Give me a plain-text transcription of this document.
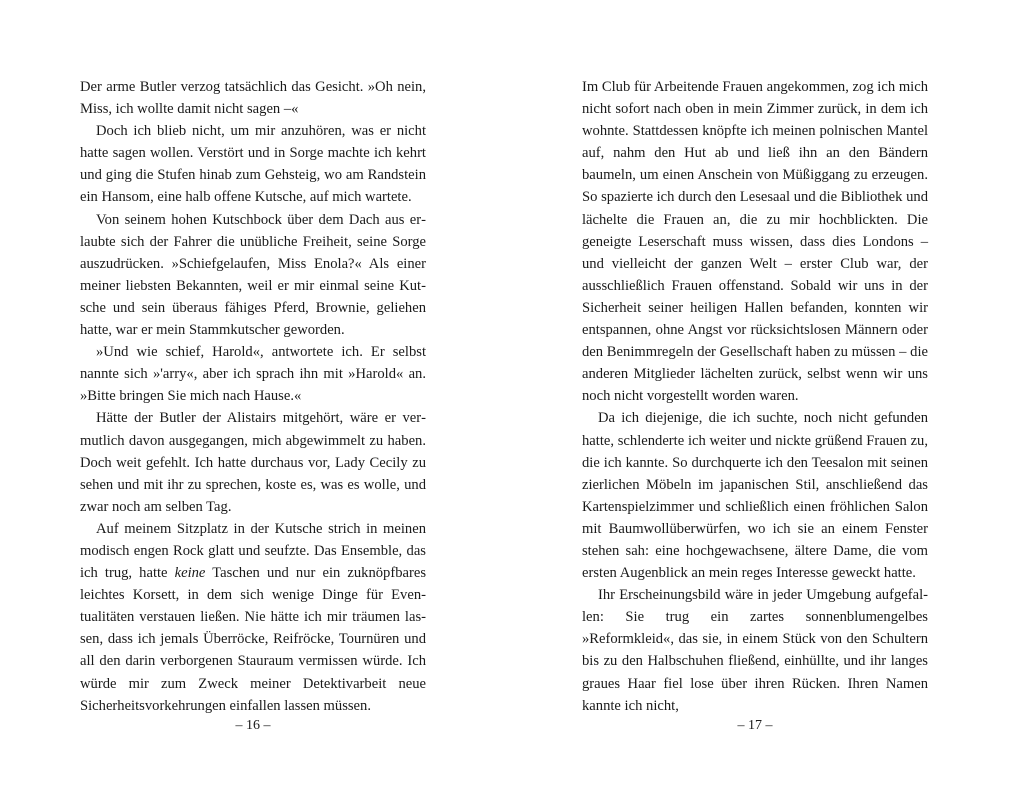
Der arme Butler verzog tatsächlich das Gesicht. »Oh nein, Miss, ich wollte damit nicht sagen –«

Doch ich blieb nicht, um mir anzuhören, was er nicht hatte sagen wollen. Verstört und in Sorge machte ich kehrt und ging die Stufen hinab zum Gehsteig, wo am Randstein ein Hansom, eine halb offene Kutsche, auf mich wartete.

Von seinem hohen Kutschbock über dem Dach aus erlaubte sich der Fahrer die unübliche Freiheit, seine Sorge auszudrücken. »Schiefgelaufen, Miss Enola?« Als einer meiner liebsten Bekannten, weil er mir einmal seine Kutsche und sein überaus fähiges Pferd, Brownie, geliehen hatte, war er mein Stammkutscher geworden.

»Und wie schief, Harold«, antwortete ich. Er selbst nannte sich »'arry«, aber ich sprach ihn mit »Harold« an. »Bitte bringen Sie mich nach Hause.«

Hätte der Butler der Alistairs mitgehört, wäre er vermutlich davon ausgegangen, mich abgewimmelt zu haben. Doch weit gefehlt. Ich hatte durchaus vor, Lady Cecily zu sehen und mit ihr zu sprechen, koste es, was es wolle, und zwar noch am selben Tag.

Auf meinem Sitzplatz in der Kutsche strich in meinen modisch engen Rock glatt und seufzte. Das Ensemble, das ich trug, hatte keine Taschen und nur ein zuknöpfbares leichtes Korsett, in dem sich wenige Dinge für Eventualitäten verstauen ließen. Nie hätte ich mir träumen lassen, dass ich jemals Überröcke, Reifröcke, Tournüren und all den darin verborgenen Stauraum vermissen würde. Ich würde mir zum Zweck meiner Detektivarbeit neue Sicherheitsvorkehrungen einfallen lassen müssen.

– 16 –

Im Club für Arbeitende Frauen angekommen, zog ich mich nicht sofort nach oben in mein Zimmer zurück, in dem ich wohnte. Stattdessen knöpfte ich meinen polnischen Mantel auf, nahm den Hut ab und ließ ihn an den Bändern baumeln, um einen Anschein von Müßiggang zu erzeugen. So spazierte ich durch den Lesesaal und die Bibliothek und lächelte die Frauen an, die zu mir hochblickten. Die geneigte Leserschaft muss wissen, dass dies Londons – und vielleicht der ganzen Welt – erster Club war, der ausschließlich Frauen offenstand. Sobald wir uns in der Sicherheit seiner heiligen Hallen befanden, konnten wir entspannen, ohne Angst vor rücksichtslosen Männern oder den Benimmregeln der Gesellschaft haben zu müssen – die anderen Mitglieder lächelten zurück, selbst wenn wir uns noch nicht vorgestellt worden waren.

Da ich diejenige, die ich suchte, noch nicht gefunden hatte, schlenderte ich weiter und nickte grüßend Frauen zu, die ich kannte. So durchquerte ich den Teesalon mit seinen zierlichen Möbeln im japanischen Stil, anschließend das Kartenspielzimmer und schließlich einen fröhlichen Salon mit Baumwollüberwürfen, wo ich sie an einem Fenster stehen sah: eine hochgewachsene, ältere Dame, die vom ersten Augenblick an mein reges Interesse geweckt hatte.

Ihr Erscheinungsbild wäre in jeder Umgebung aufgefallen: Sie trug ein zartes sonnenblumengelbes »Reformkleid«, das sie, in einem Stück von den Schultern bis zu den Halbschuhen fließend, einhüllte, und ihr langes graues Haar fiel lose über ihren Rücken. Ihren Namen kannte ich nicht,

– 17 –
